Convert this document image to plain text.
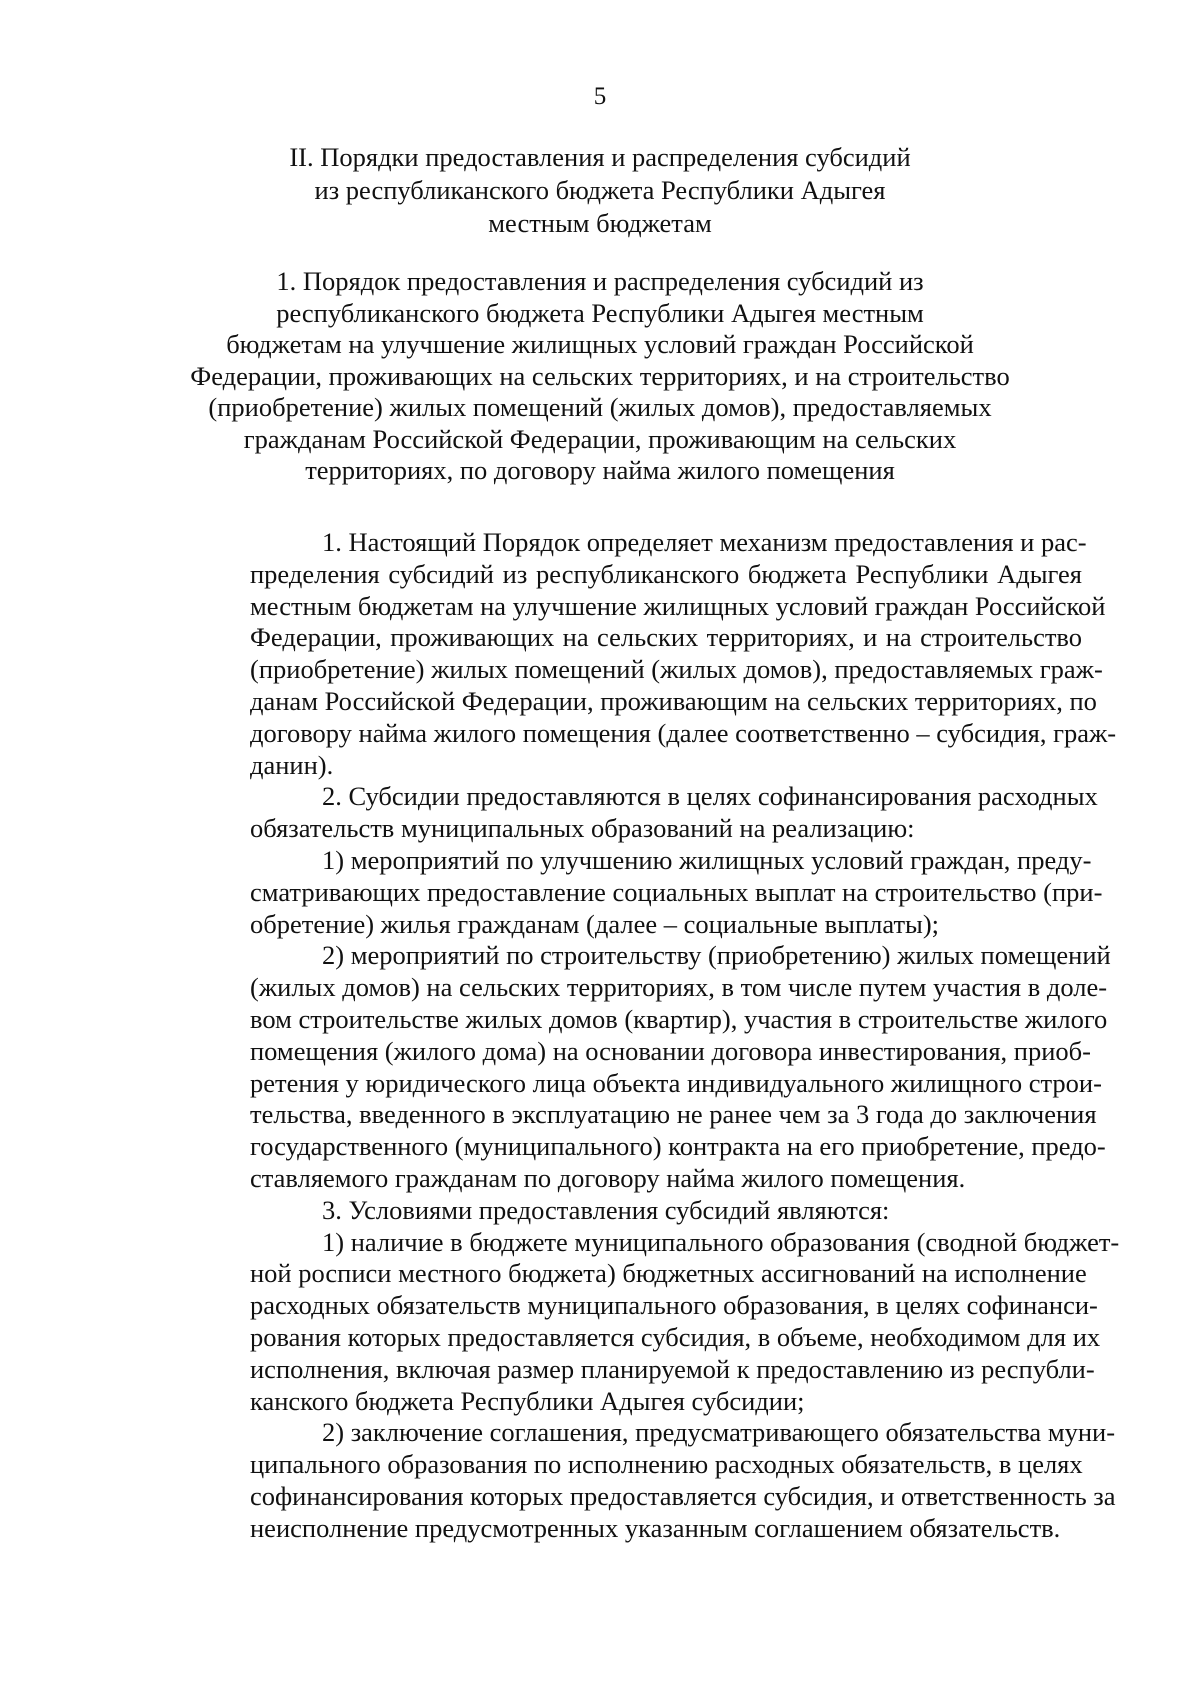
5
II. Порядки предоставления и распределения субсидий
из республиканского бюджета Республики Адыгея
местным бюджетам
1. Порядок предоставления и распределения субсидий из
республиканского бюджета Республики Адыгея местным
бюджетам на улучшение жилищных условий граждан Российской
Федерации, проживающих на сельских территориях, и на строительство
(приобретение) жилых помещений (жилых домов), предоставляемых
гражданам Российской Федерации, проживающим на сельских
территориях, по договору найма жилого помещения
1. Настоящий Порядок определяет механизм предоставления и рас-
пределения субсидий из республиканского бюджета Республики Адыгея
местным бюджетам на улучшение жилищных условий граждан Российской
Федерации, проживающих на сельских территориях, и на строительство
(приобретение) жилых помещений (жилых домов), предоставляемых граж-
данам Российской Федерации, проживающим на сельских территориях, по
договору найма жилого помещения (далее соответственно – субсидия, граж-
данин).
2. Субсидии предоставляются в целях софинансирования расходных
обязательств муниципальных образований на реализацию:
1) мероприятий по улучшению жилищных условий граждан, преду-
сматривающих предоставление социальных выплат на строительство (при-
обретение) жилья гражданам (далее – социальные выплаты);
2) мероприятий по строительству (приобретению) жилых помещений
(жилых домов) на сельских территориях, в том числе путем участия в доле-
вом строительстве жилых домов (квартир), участия в строительстве жилого
помещения (жилого дома) на основании договора инвестирования, приоб-
ретения у юридического лица объекта индивидуального жилищного строи-
тельства, введенного в эксплуатацию не ранее чем за 3 года до заключения
государственного (муниципального) контракта на его приобретение, предо-
ставляемого гражданам по договору найма жилого помещения.
3. Условиями предоставления субсидий являются:
1) наличие в бюджете муниципального образования (сводной бюджет-
ной росписи местного бюджета) бюджетных ассигнований на исполнение
расходных обязательств муниципального образования, в целях софинанси-
рования которых предоставляется субсидия, в объеме, необходимом для их
исполнения, включая размер планируемой к предоставлению из республи-
канского бюджета Республики Адыгея субсидии;
2) заключение соглашения, предусматривающего обязательства муни-
ципального образования по исполнению расходных обязательств, в целях
софинансирования которых предоставляется субсидия, и ответственность за
неисполнение предусмотренных указанным соглашением обязательств.
